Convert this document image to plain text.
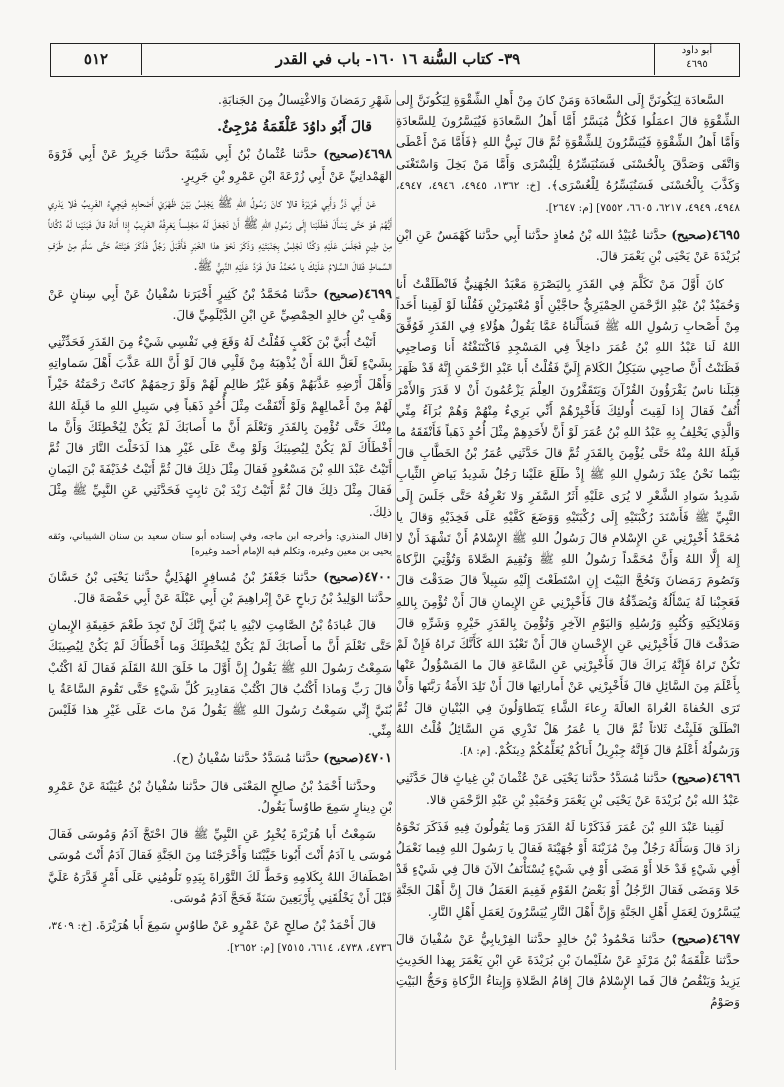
أبو داود
٤٦٩٥
٣٩- كتاب السُّنة ١٦ ١٦٠- باب في القدر
٥١٢

السَّعادَة لِيَكُونَنَّ إِلَى السَّعادَة وَمَنْ كانَ مِنْ أَهلِ الشِّقْوَةِ لِيَكُونَنَّ إِلى الشِّقْوَةِ قالَ اعمَلُوا فَكُلٌّ مُيَسَّرٌ أَمَّا أَهلُ السَّعادَةِ فَيُيَسَّرُونَ لِلسَّعادَةِ وَأَمَّا أَهلُ الشِّقْوَةِ فَيُيَسَّرُونَ لِلشِّقْوَةِ ثُمَّ قالَ نَبِيُّ اللهِ ﴿فَأَمَّا مَنْ أَعْطَى وَاتَّقَى وَصَدَّقَ بِالْحُسْنَى فَسَنُيَسِّرُهُ لِلْيُسْرَى وَأَمَّا مَنْ بَخِلَ وَاسْتَغْنَى وَكَذَّبَ بِالْحُسْنَى فَسَنُيَسِّرُهُ لِلْعُسْرَى﴾. [خ: ١٣٦٢، ٤٩٤٥، ٤٩٤٦، ٤٩٤٧، ٤٩٤٨، ٤٩٤٩، ٦٢١٧، ٦٦٠٥، ٧٥٥٢] [م: ٢٦٤٧].

٤٦٩٥(صحيح) حدَّثنا عُبَيْدُ الله بْنُ مُعاذٍ حدَّثنا أَبِي حدَّثنا كَهْمَسٌ عَنِ ابْنِ بُرَيْدَةَ عَنْ يَحْيَى بْنِ يَعْمَرَ قالَ.

كانَ أَوَّلَ مَنْ تَكَلَّمَ فِي القَدَرِ بِالبَصْرَةِ مَعْبَدٌ الجُهَنِيُّ فَانْطَلَقْتُ أَنا وَحُمَيْدُ بْنُ عَبْدِ الرَّحْمَنِ الحِمْيَرِيُّ حاجَّيْنِ أَوْ مُعْتَمِرَيْنِ فَقُلْنا لَوْ لَقِينا أَحَداً مِنْ أَصْحابِ رَسُولِ الله ﷺ فَسَأَلْناهُ عَمَّا يَقُولُ هؤُلاءِ فِي القَدَرِ فَوُفِّقَ اللهُ لَنا عَبْدُ اللهِ بْنُ عُمَرَ داخِلاً فِي المَسْجِدِ فَاكْتَنَفْتُهُ أَنا وَصاحِبِي فَظَنَنْتُ أَنَّ صاحِبِي سَيَكِلُ الكَلامَ إِلَيَّ فَقُلْتُ أَبا عَبْدِ الرَّحْمَنِ إِنَّهُ قَدْ ظَهَرَ قِبَلَنا ناسٌ يَقْرَؤُونَ القُرْآنَ وَيَتَقَفَّرُونَ العِلْمَ يَزْعُمُونَ أَنْ لا قَدَرَ وَالأَمْرَ أُنُفٌ فَقالَ إِذا لَقِيتَ أُولئِكَ فَأَخْبِرْهُمْ أَنِّي بَرِيءٌ مِنْهُمْ وَهُمْ بُرَآءُ مِنِّي وَالَّذِي يَحْلِفُ بِهِ عَبْدُ اللهِ بْنُ عُمَرَ لَوْ أَنَّ لأَحَدِهِمْ مِثْلَ أُحُدٍ ذَهَباً فَأَنْفَقَهُ ما قَبِلَهُ اللهُ مِنْهُ حَتَّى يُؤْمِنَ بِالقَدَرِ ثُمَّ قالَ حَدَّثَنِي عُمَرُ بْنُ الخَطَّابِ قالَ بَيْنَما نَحْنُ عِنْدَ رَسُولِ اللهِ ﷺ إِذْ طَلَعَ عَلَيْنا رَجُلٌ شَدِيدُ بَياضِ الثِّيابِ شَدِيدُ سَوادِ الشَّعْرِ لا يُرَى عَلَيْهِ أَثَرُ السَّفَرِ وَلا نَعْرِفُهُ حَتَّى جَلَسَ إِلَى النَّبِيِّ ﷺ فَأَسْنَدَ رُكْبَتَيْهِ إِلَى رُكْبَتَيْهِ وَوَضَعَ كَفَّيْهِ عَلَى فَخِذَيْهِ وَقالَ يا مُحَمَّدُ أَخْبِرْنِي عَنِ الإِسْلامِ قالَ رَسُولُ اللهِ ﷺ الإِسْلامُ أَنْ تَشْهَدَ أَنْ لا إِلهَ إِلَّا اللهُ وَأَنَّ مُحَمَّداً رَسُولُ اللهِ ﷺ وَتُقِيمَ الصَّلاةَ وَتُؤْتِيَ الزَّكاةَ وَتَصُومَ رَمَضانَ وَتَحُجَّ البَيْتَ إِنِ اسْتَطَعْتَ إِلَيْهِ سَبِيلاً قالَ صَدَقْتَ قالَ فَعَجِبْنا لَهُ يَسْأَلُهُ وَيُصَدِّقُهُ قالَ فَأَخْبِرْنِي عَنِ الإِيمانِ قالَ أَنْ تُؤْمِنَ بِاللهِ وَمَلائِكَتِهِ وَكُتُبِهِ وَرُسُلِهِ وَاليَوْمِ الآخِرِ وَتُؤْمِنَ بِالقَدَرِ خَيْرِهِ وَشَرِّهِ قالَ صَدَقْتَ قالَ فَأَخْبِرْنِي عَنِ الإِحْسانِ قالَ أَنْ تَعْبُدَ اللهَ كَأَنَّكَ تَراهُ فَإِنْ لَمْ تَكُنْ تَراهُ فَإِنَّهُ يَراكَ قالَ فَأَخْبِرْنِي عَنِ السَّاعَةِ قالَ ما المَسْؤُولُ عَنْها بِأَعْلَمَ مِنَ السَّائِلِ قالَ فَأَخْبِرْنِي عَنْ أَماراتِها قالَ أَنْ تَلِدَ الأَمَةُ رَبَّتَها وَأَنْ تَرَى الحُفاةَ العُراةَ العالَةَ رِعاءَ الشَّاءِ يَتَطاوَلُونَ فِي البُنْيانِ قالَ ثُمَّ انْطَلَقَ فَلَبِثْتُ ثَلاثاً ثُمَّ قالَ يا عُمَرُ هَلْ تَدْرِي مَنِ السَّائِلُ قُلْتُ اللهُ وَرَسُولُهُ أَعْلَمُ قالَ فَإِنَّهُ جِبْرِيلُ أَتاكُمْ يُعَلِّمُكُمْ دِينَكُمْ. [م: ٨].

٤٦٩٦(صحيح) حدَّثنا مُسَدَّدٌ حدَّثنا يَحْيَى عَنْ عُثْمانَ بْنِ غِياثٍ قالَ حَدَّثَنِي عَبْدُ الله بْنُ بُرَيْدَةَ عَنْ يَحْيَى بْنِ يَعْمَرَ وَحُمَيْدِ بْنِ عَبْدِ الرَّحْمَنِ قالا.

لَقِينا عَبْدَ اللهِ بْنَ عُمَرَ فَذَكَرْنا لَهُ القَدَرَ وَما يَقُولُونَ فِيهِ فَذَكَرَ نَحْوَهُ زادَ قالَ وَسَأَلَهُ رَجُلٌ مِنْ مُزَيْنَةَ أَوْ جُهَيْنَةَ فَقالَ يا رَسُولَ اللهِ فِيما نَعْمَلُ أَفِي شَيْءٍ قَدْ خَلا أَوْ مَضَى أَوْ فِي شَيْءٍ يُسْتَأْنَفُ الآنَ قالَ فِي شَيْءٍ قَدْ خَلا وَمَضَى فَقالَ الرَّجُلُ أَوْ بَعْضُ القَوْمِ فَفِيمَ العَمَلُ قالَ إِنَّ أَهْلَ الجَنَّةِ يُيَسَّرُونَ لِعَمَلِ أَهْلِ الجَنَّةِ وَإِنَّ أَهْلَ النَّارِ يُيَسَّرُونَ لِعَمَلِ أَهْلِ النَّارِ.

٤٦٩٧(صحيح) حدَّثنا مَحْمُودُ بْنُ خالِدٍ حدَّثنا الفِرْيابِيُّ عَنْ سُفْيانَ قالَ حدَّثنا عَلْقَمَةُ بْنُ مَرْثَدٍ عَنْ سُلَيْمانَ بْنِ بُرَيْدَةَ عَنِ ابْنِ يَعْمَرَ بِهذا الحَدِيثِ يَزِيدُ وَيَنْقُصُ قالَ فَما الإِسْلامُ قالَ إِقامُ الصَّلاةِ وَإِيتاءُ الزَّكاةِ وَحَجُّ البَيْتِ وَصَوْمُ

شَهْرِ رَمَضانَ وَالاغْتِسالُ مِنَ الجَنابَةِ.

قالَ أَبُو داوُدَ عَلْقَمَةُ مُرْجِئٌ.

٤٦٩٨(صحيح) حدَّثنا عُثْمانُ بْنُ أَبِي شَيْبَةَ حدَّثنا جَرِيرٌ عَنْ أَبِي فَرْوَةَ الهَمْدانِيِّ عَنْ أَبِي زُرْعَةَ ابْنِ عَمْرِو بْنِ جَرِيرٍ.

عَنْ أَبِي ذَرٍّ وَأَبِي هُرَيْرَةَ قالا كانَ رَسُولُ اللهِ ﷺ يَجْلِسُ بَيْنَ ظَهْرَيْ أَصْحابِهِ فَيَجِيءُ الغَرِيبُ فَلا يَدْرِي أَيُّهُمْ هُوَ حَتَّى يَسْأَلَ فَطَلَبْنا إِلَى رَسُولِ اللهِ ﷺ أَنْ نَجْعَلَ لَهُ مَجْلِساً يَعْرِفُهُ الغَرِيبُ إِذا أَتاهُ قالَ فَبَنَيْنا لَهُ دُكَّاناً مِنْ طِينٍ فَجَلَسَ عَلَيْهِ وَكُنَّا نَجْلِسُ بِجَنْبَتَيْهِ وَذَكَرَ نَحْوَ هذا الخَبَرِ فَأَقْبَلَ رَجُلٌ فَذَكَرَ هَيْئَتَهُ حَتَّى سَلَّمَ مِنْ طَرَفِ السِّماطِ فَقالَ السَّلامُ عَلَيْكَ يا مُحَمَّدُ قالَ فَرَدَّ عَلَيْهِ النَّبِيُّ ﷺ.

٤٦٩٩(صحيح) حدَّثنا مُحَمَّدُ بْنُ كَثِيرٍ أَخْبَرَنا سُفْيانُ عَنْ أَبِي سِنانٍ عَنْ وَهْبِ بْنِ خالِدٍ الحِمْصِيِّ عَنِ ابْنِ الدَّيْلَمِيِّ قالَ.

أَتَيْتُ أُبَيَّ بْنَ كَعْبٍ فَقُلْتُ لَهُ وَقَعَ فِي نَفْسِي شَيْءٌ مِنَ القَدَرِ فَحَدِّثْنِي بِشَيْءٍ لَعَلَّ اللهَ أَنْ يُذْهِبَهُ مِنْ قَلْبِي قالَ لَوْ أَنَّ اللهَ عَذَّبَ أَهْلَ سَماواتِهِ وَأَهْلَ أَرْضِهِ عَذَّبَهُمْ وَهُوَ غَيْرُ ظالِمٍ لَهُمْ وَلَوْ رَحِمَهُمْ كانَتْ رَحْمَتُهُ خَيْراً لَهُمْ مِنْ أَعْمالِهِمْ وَلَوْ أَنْفَقْتَ مِثْلَ أُحُدٍ ذَهَباً فِي سَبِيلِ اللهِ ما قَبِلَهُ اللهُ مِنْكَ حَتَّى تُؤْمِنَ بِالقَدَرِ وَتَعْلَمَ أَنَّ ما أَصابَكَ لَمْ يَكُنْ لِيُخْطِئَكَ وَأَنَّ ما أَخْطَأَكَ لَمْ يَكُنْ لِيُصِيبَكَ وَلَوْ مِتَّ عَلَى غَيْرِ هذا لَدَخَلْتَ النَّارَ قالَ ثُمَّ أَتَيْتُ عَبْدَ اللهِ بْنَ مَسْعُودٍ فَقالَ مِثْلَ ذلِكَ قالَ ثُمَّ أَتَيْتُ حُذَيْفَةَ بْنَ اليَمانِ فَقالَ مِثْلَ ذلِكَ قالَ ثُمَّ أَتَيْتُ زَيْدَ بْنَ ثابِتٍ فَحَدَّثَنِي عَنِ النَّبِيِّ ﷺ مِثْلَ ذلِكَ.

[قال المنذري: وأخرجه ابن ماجه، وفي إسناده أبو سنان سعيد بن سنان الشيباني، وثقه يحيى بن معين وغيره، وتكلم فيه الإمام أحمد وغيره]

٤٧٠٠(صحيح) حدَّثنا جَعْفَرُ بْنُ مُسافِرٍ الهُذَلِيُّ حدَّثنا يَحْيَى بْنُ حَسَّانَ حدَّثنا الوَلِيدُ بْنُ رَباحٍ عَنْ إِبْراهِيمَ بْنِ أَبِي عَبْلَةَ عَنْ أَبِي حَفْصَةَ قالَ.

قالَ عُبادَةُ بْنُ الصَّامِتِ لابْنِهِ يا بُنَيَّ إِنَّكَ لَنْ تَجِدَ طَعْمَ حَقِيقَةِ الإِيمانِ حَتَّى تَعْلَمَ أَنَّ ما أَصابَكَ لَمْ يَكُنْ لِيُخْطِئَكَ وَما أَخْطَأَكَ لَمْ يَكُنْ لِيُصِيبَكَ سَمِعْتُ رَسُولَ اللهِ ﷺ يَقُولُ إِنَّ أَوَّلَ ما خَلَقَ اللهُ القَلَمَ فَقالَ لَهُ اكْتُبْ قالَ رَبِّ وَماذا أَكْتُبُ قالَ اكْتُبْ مَقادِيرَ كُلِّ شَيْءٍ حَتَّى تَقُومَ السَّاعَةُ يا بُنَيَّ إِنِّي سَمِعْتُ رَسُولَ اللهِ ﷺ يَقُولُ مَنْ ماتَ عَلَى غَيْرِ هذا فَلَيْسَ مِنِّي.

٤٧٠١(صحيح) حدَّثنا مُسَدَّدٌ حدَّثنا سُفْيانُ (ح).

وحدَّثنا أَحْمَدُ بْنُ صالِحٍ المَعْنَى قالَ حدَّثنا سُفْيانُ بْنُ عُيَيْنَةَ عَنْ عَمْرِو بْنِ دِينارٍ سَمِعَ طاوُساً يَقُولُ.

سَمِعْتُ أَبا هُرَيْرَةَ يُخْبِرُ عَنِ النَّبِيِّ ﷺ قالَ احْتَجَّ آدَمُ وَمُوسَى فَقالَ مُوسَى يا آدَمُ أَنْتَ أَبُونا خَيَّبْتَنا وَأَخْرَجْتَنا مِنَ الجَنَّةِ فَقالَ آدَمُ أَنْتَ مُوسَى اصْطَفاكَ اللهُ بِكَلامِهِ وَخَطَّ لَكَ التَّوْراةَ بِيَدِهِ تَلُومُنِي عَلَى أَمْرٍ قَدَّرَهُ عَلَيَّ قَبْلَ أَنْ يَخْلُقَنِي بِأَرْبَعِينَ سَنَةً فَحَجَّ آدَمُ مُوسَى.

قالَ أَحْمَدُ بْنُ صالِحٍ عَنْ عَمْرٍو عَنْ طاوُسٍ سَمِعَ أَبا هُرَيْرَةَ. [خ: ٣٤٠٩، ٤٧٣٦، ٤٧٣٨، ٦٦١٤، ٧٥١٥] [م: ٢٦٥٢].
